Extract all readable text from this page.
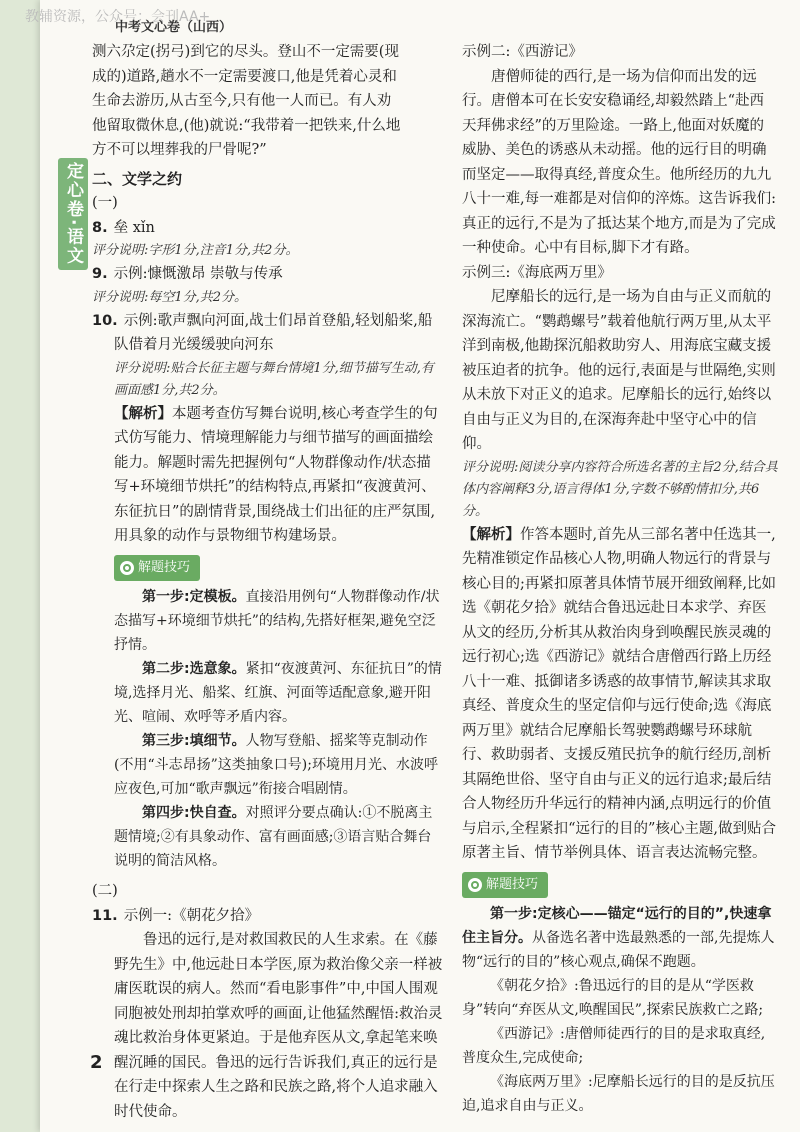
教辅资源，公众号：会刊AA+
中考文心卷（山西）
定心卷·语文

测六尕定(拐弓)到它的尽头。登山不一定需要(现

成的)道路,趟水不一定需要渡口,他是凭着心灵和

生命去游历,从古至今,只有他一人而已。有人劝

他留取微休息,(他)就说:“我带着一把铁来,什么地

方不可以埋葬我的尸骨呢?”

二、文学之约

(一)

8. 垒 xǐn

评分说明:字形1分,注音1分,共2分。

9. 示例:慷慨激昂 崇敬与传承

评分说明:每空1分,共2分。

10. 示例:歌声飘向河面,战士们昂首登船,轻划船桨,船队借着月光缓缓驶向河东

评分说明:贴合长征主题与舞台情境1分,细节描写生动,有画面感1分,共2分。

【解析】本题考查仿写舞台说明,核心考查学生的句式仿写能力、情境理解能力与细节描写的画面描绘能力。解题时需先把握例句“人物群像动作/状态描写+环境细节烘托”的结构特点,再紧扣“夜渡黄河、东征抗日”的剧情背景,围绕战士们出征的庄严氛围,用具象的动作与景物细节构建场景。

解题技巧

第一步:定模板。直接沿用例句“人物群像动作/状态描写+环境细节烘托”的结构,先搭好框架,避免空泛抒情。

第二步:选意象。紧扣“夜渡黄河、东征抗日”的情境,选择月光、船桨、红旗、河面等适配意象,避开阳光、喧闹、欢呼等矛盾内容。

第三步:填细节。人物写登船、摇桨等克制动作(不用“斗志昂扬”这类抽象口号);环境用月光、水波呼应夜色,可加“歌声飘远”衔接合唱剧情。

第四步:快自查。对照评分要点确认:①不脱离主题情境;②有具象动作、富有画面感;③语言贴合舞台说明的简洁风格。

(二)

11. 示例一:《朝花夕拾》

鲁迅的远行,是对救国救民的人生求索。在《藤野先生》中,他远赴日本学医,原为救治像父亲一样被庸医耽误的病人。然而“看电影事件”中,中国人围观同胞被处刑却拍掌欢呼的画面,让他猛然醒悟:救治灵魂比救治身体更紧迫。于是他弃医从文,拿起笔来唤醒沉睡的国民。鲁迅的远行告诉我们,真正的远行是在行走中探索人生之路和民族之路,将个人追求融入时代使命。

示例二:《西游记》

唐僧师徒的西行,是一场为信仰而出发的远行。唐僧本可在长安安稳诵经,却毅然踏上“赴西天拜佛求经”的万里险途。一路上,他面对妖魔的威胁、美色的诱惑从未动摇。他的远行目的明确而坚定——取得真经,普度众生。他所经历的九九八十一难,每一难都是对信仰的淬炼。这告诉我们:真正的远行,不是为了抵达某个地方,而是为了完成一种使命。心中有目标,脚下才有路。

示例三:《海底两万里》

尼摩船长的远行,是一场为自由与正义而航的深海流亡。“鹦鹉螺号”载着他航行两万里,从太平洋到南极,他勘探沉船救助穷人、用海底宝藏支援被压迫者的抗争。他的远行,表面是与世隔绝,实则从未放下对正义的追求。尼摩船长的远行,始终以自由与正义为目的,在深海奔赴中坚守心中的信仰。

评分说明:阅读分享内容符合所选名著的主旨2分,结合具体内容阐释3分,语言得体1分,字数不够酌情扣分,共6分。

【解析】作答本题时,首先从三部名著中任选其一,先精准锁定作品核心人物,明确人物远行的背景与核心目的;再紧扣原著具体情节展开细致阐释,比如选《朝花夕拾》就结合鲁迅远赴日本求学、弃医从文的经历,分析其从救治肉身到唤醒民族灵魂的远行初心;选《西游记》就结合唐僧西行路上历经八十一难、抵御诸多诱惑的故事情节,解读其求取真经、普度众生的坚定信仰与远行使命;选《海底两万里》就结合尼摩船长驾驶鹦鹉螺号环球航行、救助弱者、支援反殖民抗争的航行经历,剖析其隔绝世俗、坚守自由与正义的远行追求;最后结合人物经历升华远行的精神内涵,点明远行的价值与启示,全程紧扣“远行的目的”核心主题,做到贴合原著主旨、情节举例具体、语言表达流畅完整。

解题技巧

第一步:定核心——锚定“远行的目的”,快速拿住主旨分。从备选名著中选最熟悉的一部,先提炼人物“远行的目的”核心观点,确保不跑题。

《朝花夕拾》:鲁迅远行的目的是从“学医救身”转向“弃医从文,唤醒国民”,探索民族救亡之路;

《西游记》:唐僧师徒西行的目的是求取真经,普度众生,完成使命;

《海底两万里》:尼摩船长远行的目的是反抗压迫,追求自由与正义。

2
